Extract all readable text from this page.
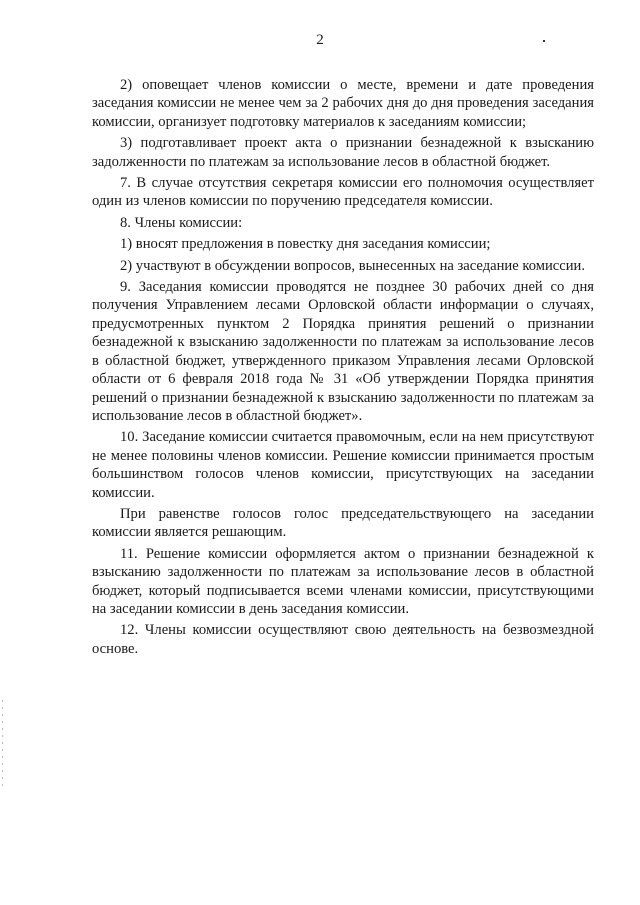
2

2) оповещает членов комиссии о месте, времени и дате проведения заседания комиссии не менее чем за 2 рабочих дня до дня проведения заседания комиссии, организует подготовку материалов к заседаниям комиссии;

3) подготавливает проект акта о признании безнадежной к взысканию задолженности по платежам за использование лесов в областной бюджет.

7. В случае отсутствия секретаря комиссии его полномочия осуществляет один из членов комиссии по поручению председателя комиссии.

8. Члены комиссии:

1) вносят предложения в повестку дня заседания комиссии;

2) участвуют в обсуждении вопросов, вынесенных на заседание комиссии.

9. Заседания комиссии проводятся не позднее 30 рабочих дней со дня получения Управлением лесами Орловской области информации о случаях, предусмотренных пунктом 2 Порядка принятия решений о признании безнадежной к взысканию задолженности по платежам за использование лесов в областной бюджет, утвержденного приказом Управления лесами Орловской области от 6 февраля 2018 года № 31 «Об утверждении Порядка принятия решений о признании безнадежной к взысканию задолженности по платежам за использование лесов в областной бюджет».

10. Заседание комиссии считается правомочным, если на нем присутствуют не менее половины членов комиссии. Решение комиссии принимается простым большинством голосов членов комиссии, присутствующих на заседании комиссии.

При равенстве голосов голос председательствующего на заседании комиссии является решающим.

11. Решение комиссии оформляется актом о признании безнадежной к взысканию задолженности по платежам за использование лесов в областной бюджет, который подписывается всеми членами комиссии, присутствующими на заседании комиссии в день заседания комиссии.

12. Члены комиссии осуществляют свою деятельность на безвозмездной основе.
